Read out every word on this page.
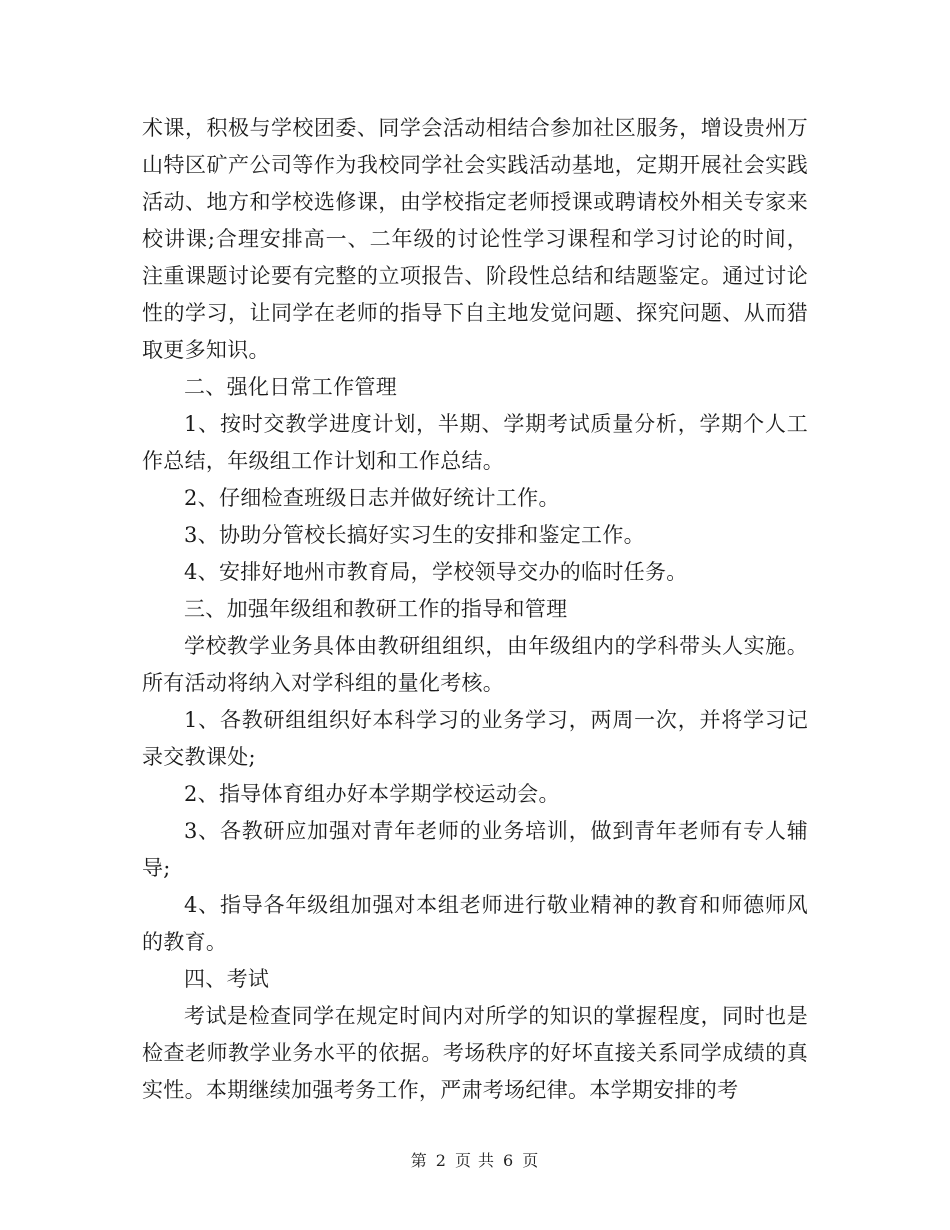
术课，积极与学校团委、同学会活动相结合参加社区服务，增设贵州万山特区矿产公司等作为我校同学社会实践活动基地，定期开展社会实践活动、地方和学校选修课，由学校指定老师授课或聘请校外相关专家来校讲课;合理安排高一、二年级的讨论性学习课程和学习讨论的时间，注重课题讨论要有完整的立项报告、阶段性总结和结题鉴定。通过讨论性的学习，让同学在老师的指导下自主地发觉问题、探究问题、从而猎取更多知识。

二、强化日常工作管理

1、按时交教学进度计划，半期、学期考试质量分析，学期个人工作总结，年级组工作计划和工作总结。

2、仔细检查班级日志并做好统计工作。

3、协助分管校长搞好实习生的安排和鉴定工作。

4、安排好地州市教育局，学校领导交办的临时任务。

三、加强年级组和教研工作的指导和管理

学校教学业务具体由教研组组织，由年级组内的学科带头人实施。所有活动将纳入对学科组的量化考核。

1、各教研组组织好本科学习的业务学习，两周一次，并将学习记录交教课处;

2、指导体育组办好本学期学校运动会。

3、各教研应加强对青年老师的业务培训，做到青年老师有专人辅导;

4、指导各年级组加强对本组老师进行敬业精神的教育和师德师风的教育。

四、考试

考试是检查同学在规定时间内对所学的知识的掌握程度，同时也是检查老师教学业务水平的依据。考场秩序的好坏直接关系同学成绩的真实性。本期继续加强考务工作，严肃考场纪律。本学期安排的考

第 2 页 共 6 页
